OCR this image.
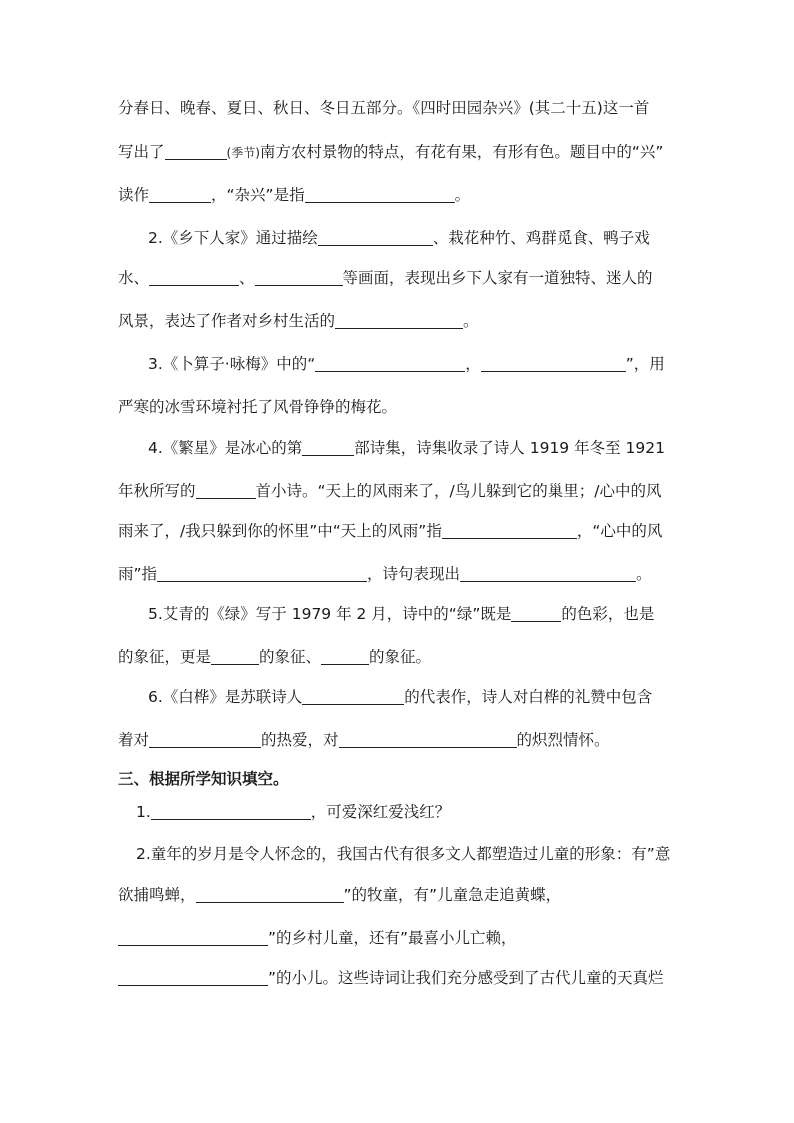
分春日、晚春、夏日、秋日、冬日五部分。《四时田园杂兴》(其二十五)这一首
写出了	(季节)南方农村景物的特点，有花有果，有形有色。题目中的“兴”
读作	，“杂兴”是指	。
2.《乡下人家》通过描绘	、栽花种竹、鸡群觅食、鸭子戏
水、	、	等画面，表现出乡下人家有一道独特、迷人的
风景，表达了作者对乡村生活的	。
3.《卜算子·咏梅》中的“	，	”，用
严寒的冰雪环境衬托了风骨铮铮的梅花。
4.《繁星》是冰心的第	部诗集，诗集收录了诗人 1919 年冬至 1921
年秋所写的	首小诗。“天上的风雨来了，/鸟儿躲到它的巢里；/心中的风
雨来了，/我只躲到你的怀里”中“天上的风雨”指	，“心中的风
雨”指	，诗句表现出	。
5.艾青的《绿》写于 1979 年 2 月，诗中的“绿”既是	的色彩，也是
的象征，更是	的象征、	的象征。
6.《白桦》是苏联诗人	的代表作，诗人对白桦的礼赞中包含
着对	的热爱，对	的炽烈情怀。
三、根据所学知识填空。
1.	，可爱深红爱浅红？
2.童年的岁月是令人怀念的，我国古代有很多文人都塑造过儿童的形象：有”意
欲捕鸣蝉，	”的牧童，有”儿童急走追黄蝶，
”的乡村儿童，还有”最喜小儿亡赖，
”的小儿。这些诗词让我们充分感受到了古代儿童的天真烂
